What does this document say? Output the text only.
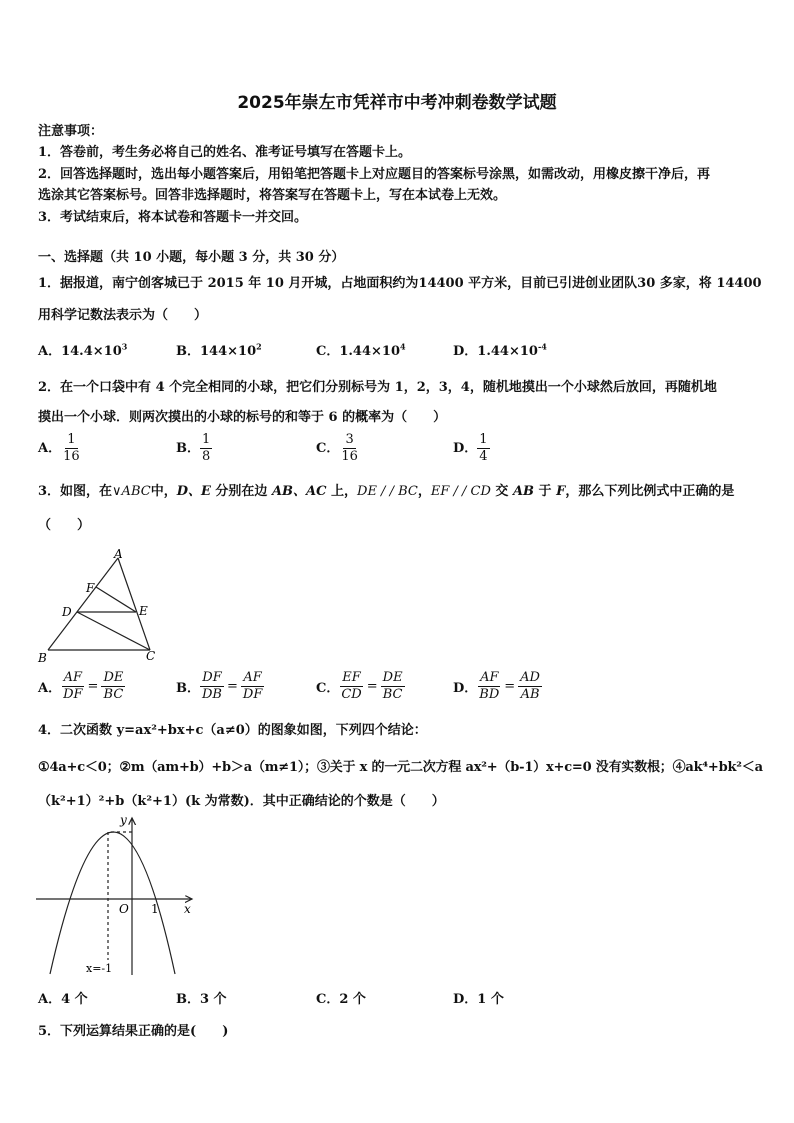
2025年崇左市凭祥市中考冲刺卷数学试题
注意事项：
1．答卷前，考生务必将自己的姓名、准考证号填写在答题卡上。
2．回答选择题时，选出每小题答案后，用铅笔把答题卡上对应题目的答案标号涂黑，如需改动，用橡皮擦干净后，再
选涂其它答案标号。回答非选择题时，将答案写在答题卡上，写在本试卷上无效。
3．考试结束后，将本试卷和答题卡一并交回。
一、选择题（共 10 小题，每小题 3 分，共 30 分）
1．据报道，南宁创客城已于 2015 年 10 月开城，占地面积约为14400 平方米，目前已引进创业团队30 多家，将 14400
用科学记数法表示为（　　）
A．$14.4\times 10^3$	B．$144\times 10^2$	C．$1.44\times 10^4$	D．$1.44\times 10^{-4}$
2．在一个口袋中有 4 个完全相同的小球，把它们分别标号为 1，2，3，4，随机地摸出一个小球然后放回，再随机地
摸出一个小球．则两次摸出的小球的标号的和等于 6 的概率为（　　）
A． $\frac{1}{16}$	B． $\frac{1}{8}$	C． $\frac{3}{16}$	D． $\frac{1}{4}$
3．如图，在∨ABC中，D、E 分别在边 AB、AC 上，DE / / BC，EF / / CD 交 AB 于 F，那么下列比例式中正确的是
（　　）
A
F
D	E
B	C
A． $\frac{AF}{DF} = \frac{DE}{BC}$	B． $\frac{DF}{DB} = \frac{AF}{DF}$	C． $\frac{EF}{CD} = \frac{DE}{BC}$	D． $\frac{AF}{BD} = \frac{AD}{AB}$
4．二次函数 y=ax²+bx+c（a≠0）的图象如图，下列四个结论：
①4a+c＜0；②m（am+b）+b＞a（m≠1）；③关于 x 的一元二次方程 ax²+（b-1）x+c=0 没有实数根；④ak⁴+bk²＜a
（k²+1）²+b（k²+1）(k 为常数)．其中正确结论的个数是（　　）
y
x
O 1
x=-1
A．4 个	B．3 个	C．2 个	D．1 个
5．下列运算结果正确的是(　　)
